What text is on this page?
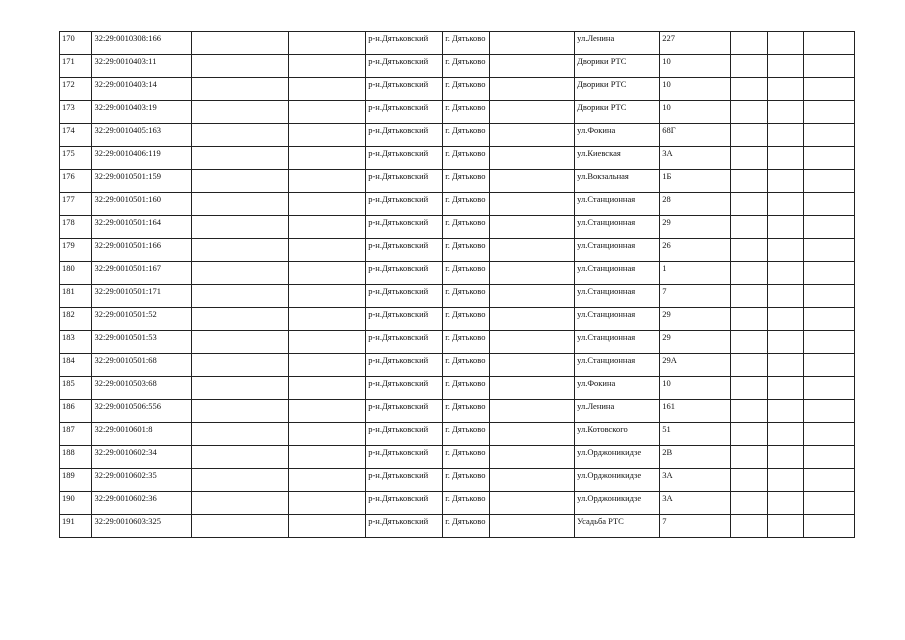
170	32:29:0010308:166			р-н.Дятьковский	г. Дятьково		ул.Ленина	227			
171	32:29:0010403:11			р-н.Дятьковский	г. Дятьково		Дворики РТС	10			
172	32:29:0010403:14			р-н.Дятьковский	г. Дятьково		Дворики РТС	10			
173	32:29:0010403:19			р-н.Дятьковский	г. Дятьково		Дворики РТС	10			
174	32:29:0010405:163			р-н.Дятьковский	г. Дятьково		ул.Фокина	68Г			
175	32:29:0010406:119			р-н.Дятьковский	г. Дятьково		ул.Киевская	3А			
176	32:29:0010501:159			р-н.Дятьковский	г. Дятьково		ул.Вокзальная	1Б			
177	32:29:0010501:160			р-н.Дятьковский	г. Дятьково		ул.Станционная	28			
178	32:29:0010501:164			р-н.Дятьковский	г. Дятьково		ул.Станционная	29			
179	32:29:0010501:166			р-н.Дятьковский	г. Дятьково		ул.Станционная	26			
180	32:29:0010501:167			р-н.Дятьковский	г. Дятьково		ул.Станционная	1			
181	32:29:0010501:171			р-н.Дятьковский	г. Дятьково		ул.Станционная	7			
182	32:29:0010501:52			р-н.Дятьковский	г. Дятьково		ул.Станционная	29			
183	32:29:0010501:53			р-н.Дятьковский	г. Дятьково		ул.Станционная	29			
184	32:29:0010501:68			р-н.Дятьковский	г. Дятьково		ул.Станционная	29А			
185	32:29:0010503:68			р-н.Дятьковский	г. Дятьково		ул.Фокина	10			
186	32:29:0010506:556			р-н.Дятьковский	г. Дятьково		ул.Ленина	161			
187	32:29:0010601:8			р-н.Дятьковский	г. Дятьково		ул.Котовского	51			
188	32:29:0010602:34			р-н.Дятьковский	г. Дятьково		ул.Орджоникидзе	2В			
189	32:29:0010602:35			р-н.Дятьковский	г. Дятьково		ул.Орджоникидзе	3А			
190	32:29:0010602:36			р-н.Дятьковский	г. Дятьково		ул.Орджоникидзе	3А			
191	32:29:0010603:325			р-н.Дятьковский	г. Дятьково		Усадьба РТС	7			
